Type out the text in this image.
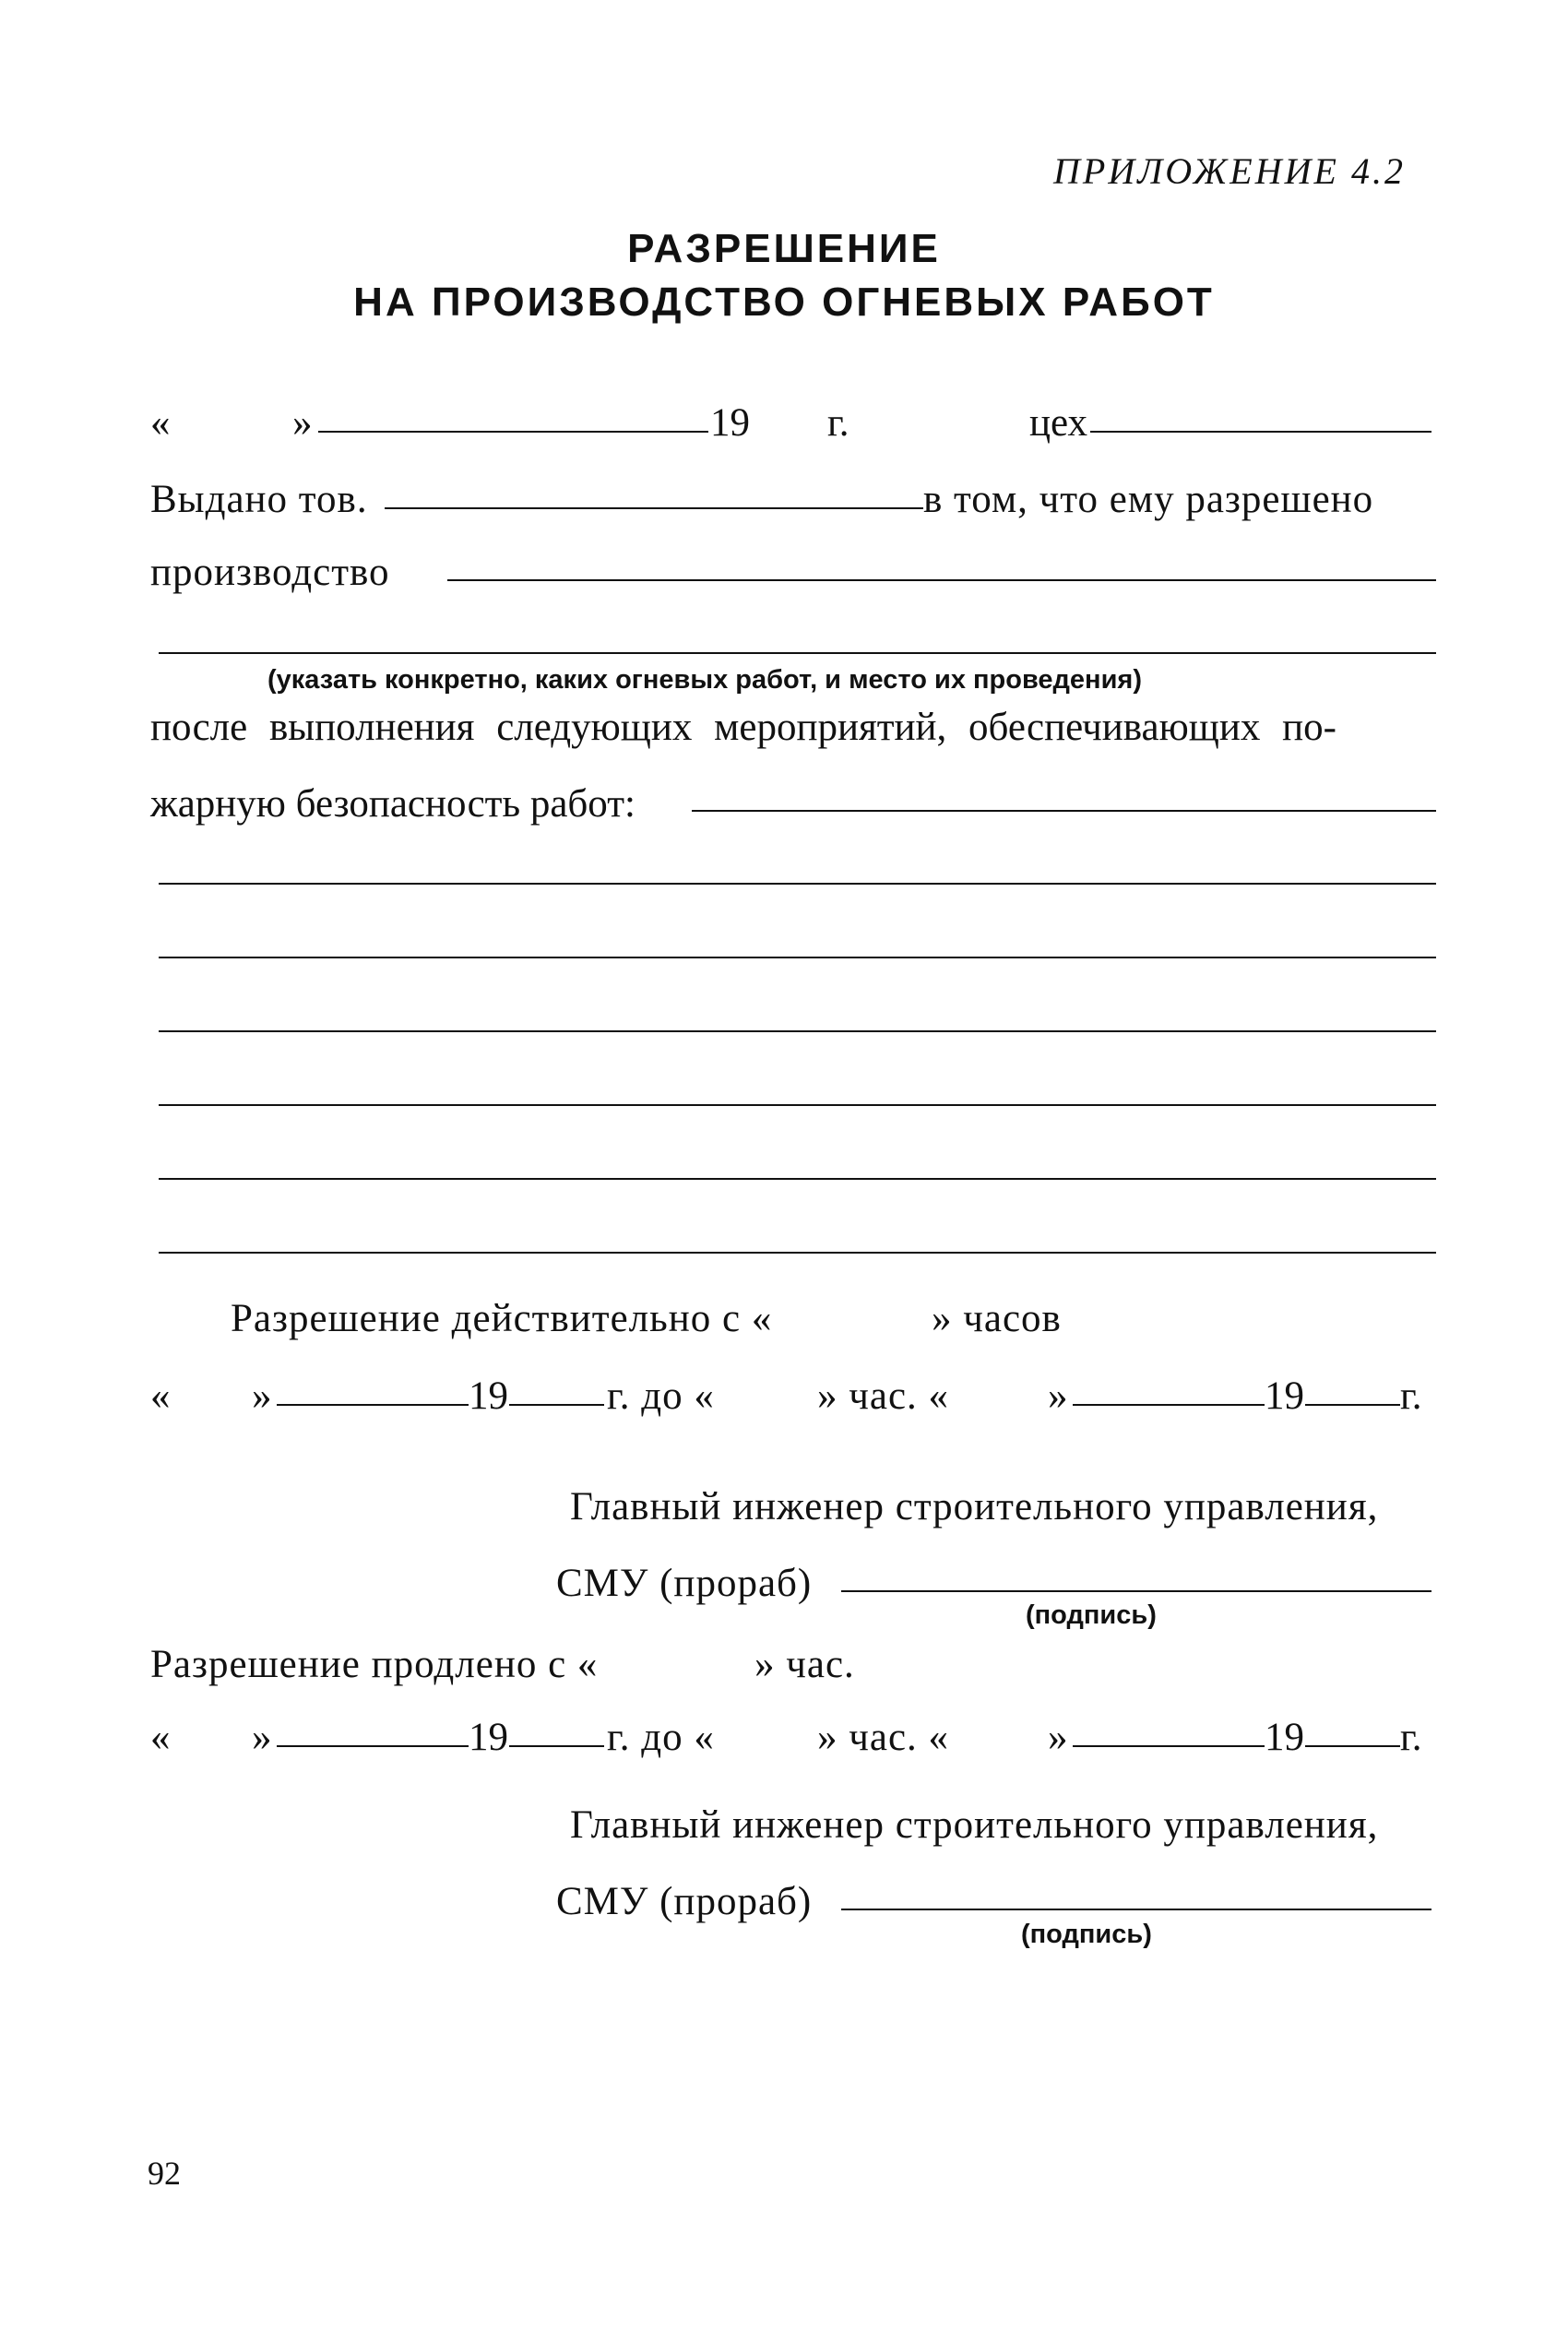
ПРИЛОЖЕНИЕ 4.2
РАЗРЕШЕНИЕ
НА ПРОИЗВОДСТВО ОГНЕВЫХ РАБОТ
«	»	19 г.	цех
Выдано тов.	в том, что ему разрешено
производство
(указать конкретно, каких огневых работ, и место их проведения)
после выполнения следующих мероприятий, обеспечивающих по-
жарную безопасность работ:
Разрешение действительно с «	» часов
« »	19 г. до «	» час. « »	19 г.
Главный инженер строительного управления,
СМУ (прораб)
(подпись)
Разрешение продлено с «	» час.
« »	19 г. до «	» час. « »	19 г.
Главный инженер строительного управления,
СМУ (прораб)
(подпись)
92
